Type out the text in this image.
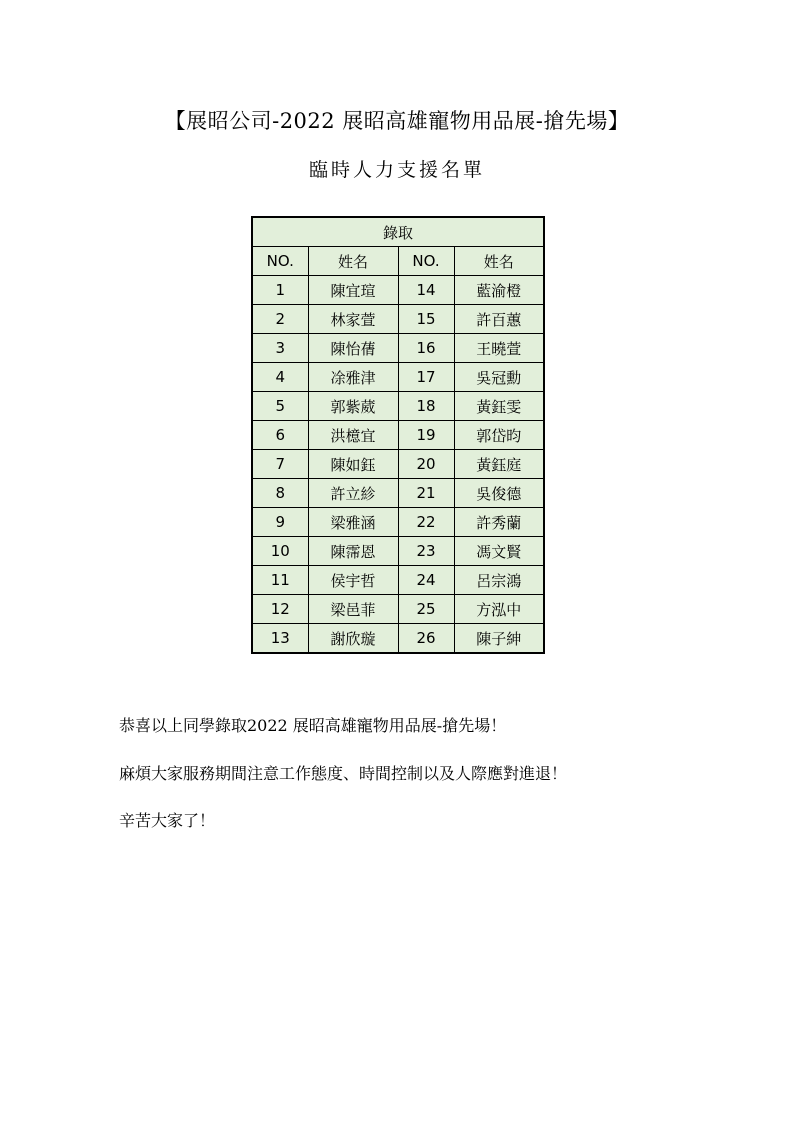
【展昭公司-2022 展昭高雄寵物用品展-搶先場】
臨時人力支援名單
錄取			
NO.	姓名	NO.	姓名
1	陳宜瑄	14	藍渝橙
2	林家萱	15	許百蕙
3	陳怡蒨	16	王曉萱
4	凃雅津	17	吳冠勳
5	郭紫葳	18	黃鈺雯
6	洪檍宜	19	郭岱昀
7	陳如鈺	20	黃鈺庭
8	許立紾	21	吳俊德
9	梁雅涵	22	許秀蘭
10	陳霈恩	23	馮文賢
11	侯宇哲	24	呂宗鴻
12	梁邑菲	25	方泓中
13	謝欣璇	26	陳子紳
恭喜以上同學錄取2022 展昭高雄寵物用品展-搶先場！
麻煩大家服務期間注意工作態度、時間控制以及人際應對進退！
辛苦大家了！
